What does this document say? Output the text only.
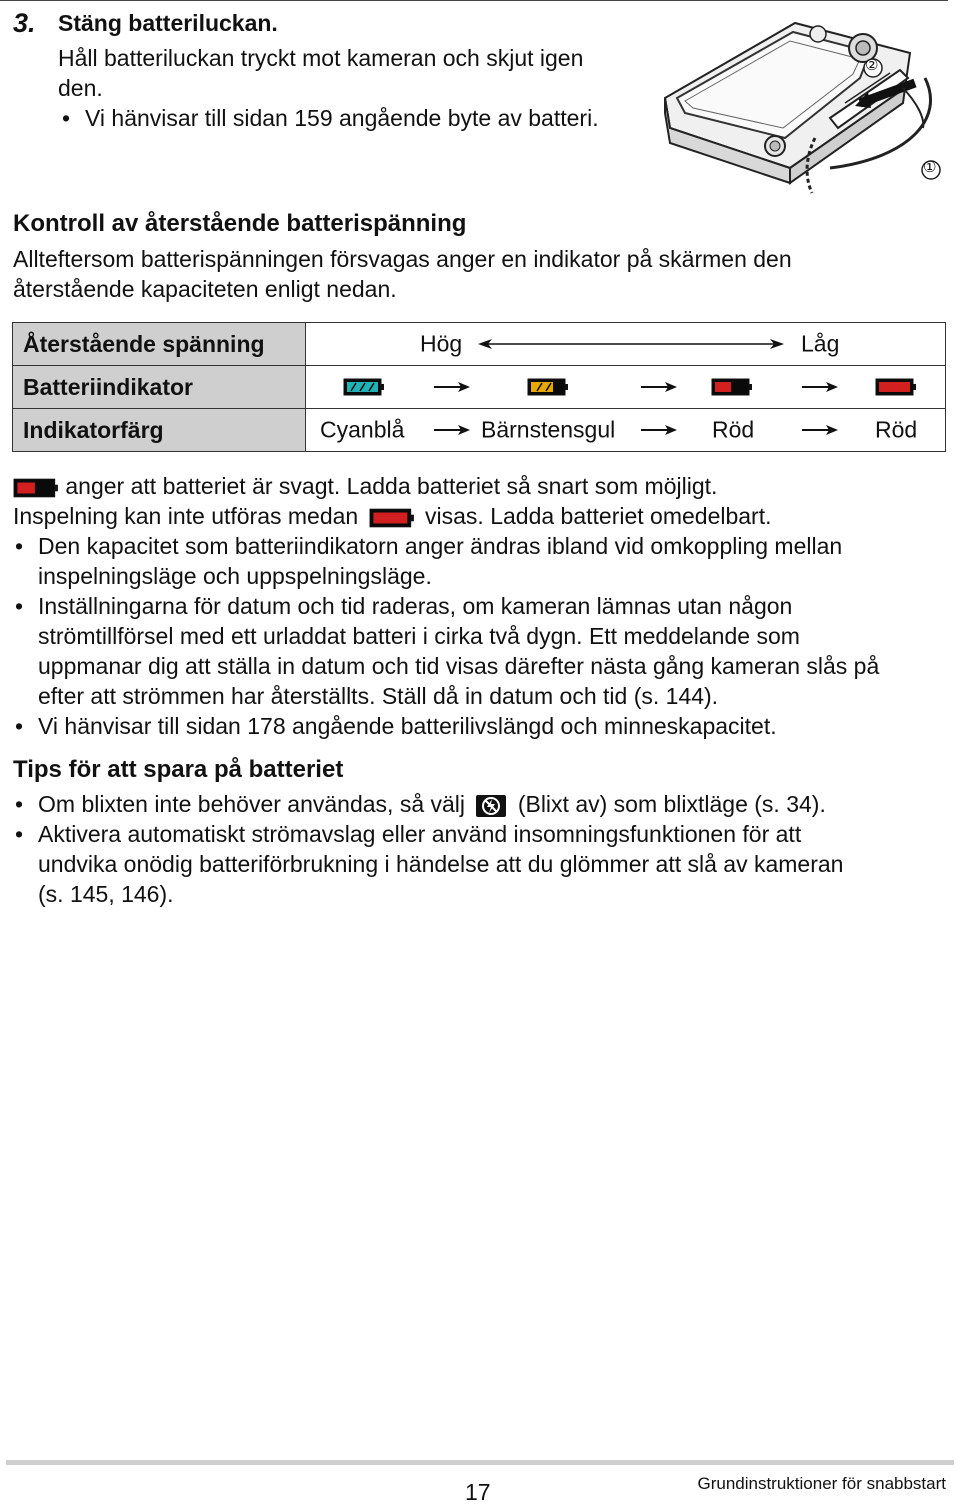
3. Stäng batteriluckan.
Håll batteriluckan tryckt mot kameran och skjut igen
den.
• Vi hänvisar till sidan 159 angående byte av batteri.
②
①
Kontroll av återstående batterispänning
Allteftersom batterispänningen försvagas anger en indikator på skärmen den
återstående kapaciteten enligt nedan.
Återstående spänning	Hög Låg

Batteriindikator	

Indikatorfärg	Cyanblå Bärnstensgul Röd Röd
anger att batteriet är svagt. Ladda batteriet så snart som möjligt.
Inspelning kan inte utföras medan	visas. Ladda batteriet omedelbart.
• Den kapacitet som batteriindikatorn anger ändras ibland vid omkoppling mellan
inspelningsläge och uppspelningsläge.
• Inställningarna för datum och tid raderas, om kameran lämnas utan någon
strömtillförsel med ett urladdat batteri i cirka två dygn. Ett meddelande som
uppmanar dig att ställa in datum och tid visas därefter nästa gång kameran slås på
efter att strömmen har återställts. Ställ då in datum och tid (s. 144).
• Vi hänvisar till sidan 178 angående batterilivslängd och minneskapacitet.
Tips för att spara på batteriet
• Om blixten inte behöver användas, så välj (Blixt av) som blixtläge (s. 34).
• Aktivera automatiskt strömavslag eller använd insomningsfunktionen för att
undvika onödig batteriförbrukning i händelse att du glömmer att slå av kameran
(s. 145, 146).
17	Grundinstruktioner för snabbstart
